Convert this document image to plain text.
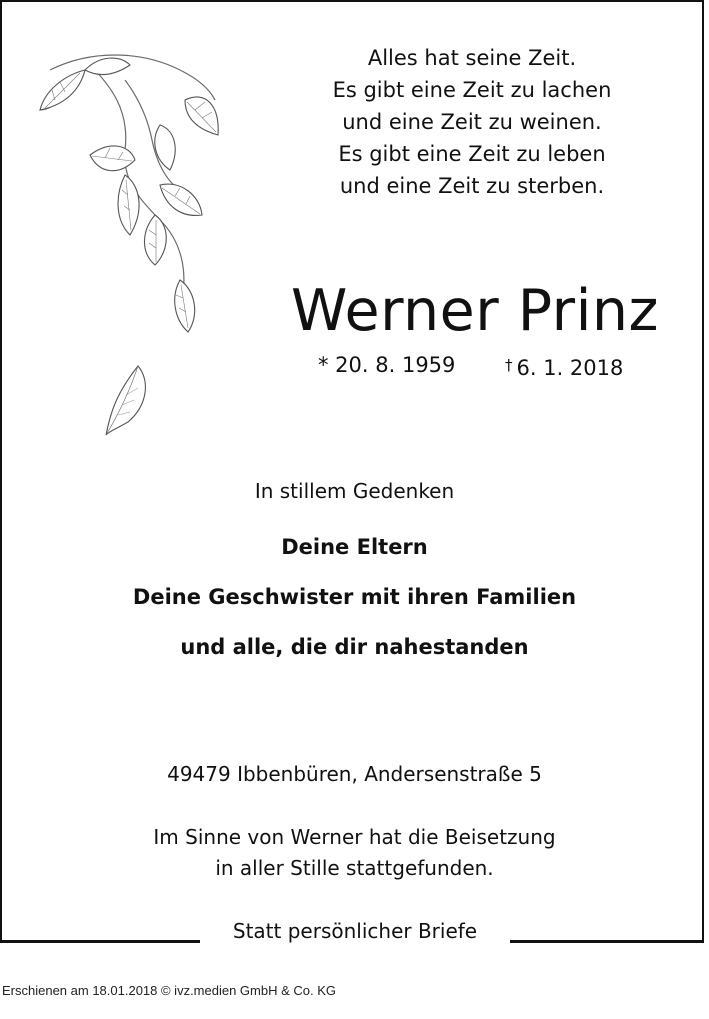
Alles hat seine Zeit.
Es gibt eine Zeit zu lachen
und eine Zeit zu weinen.
Es gibt eine Zeit zu leben
und eine Zeit zu sterben.
Werner Prinz
* 20. 8. 1959	† 6. 1. 2018
In stillem Gedenken
Deine Eltern
Deine Geschwister mit ihren Familien
und alle, die dir nahestanden
49479 Ibbenbüren, Andersenstraße 5
Im Sinne von Werner hat die Beisetzung
in aller Stille stattgefunden.
Statt persönlicher Briefe
Erschienen am 18.01.2018 © ivz.medien GmbH & Co. KG
